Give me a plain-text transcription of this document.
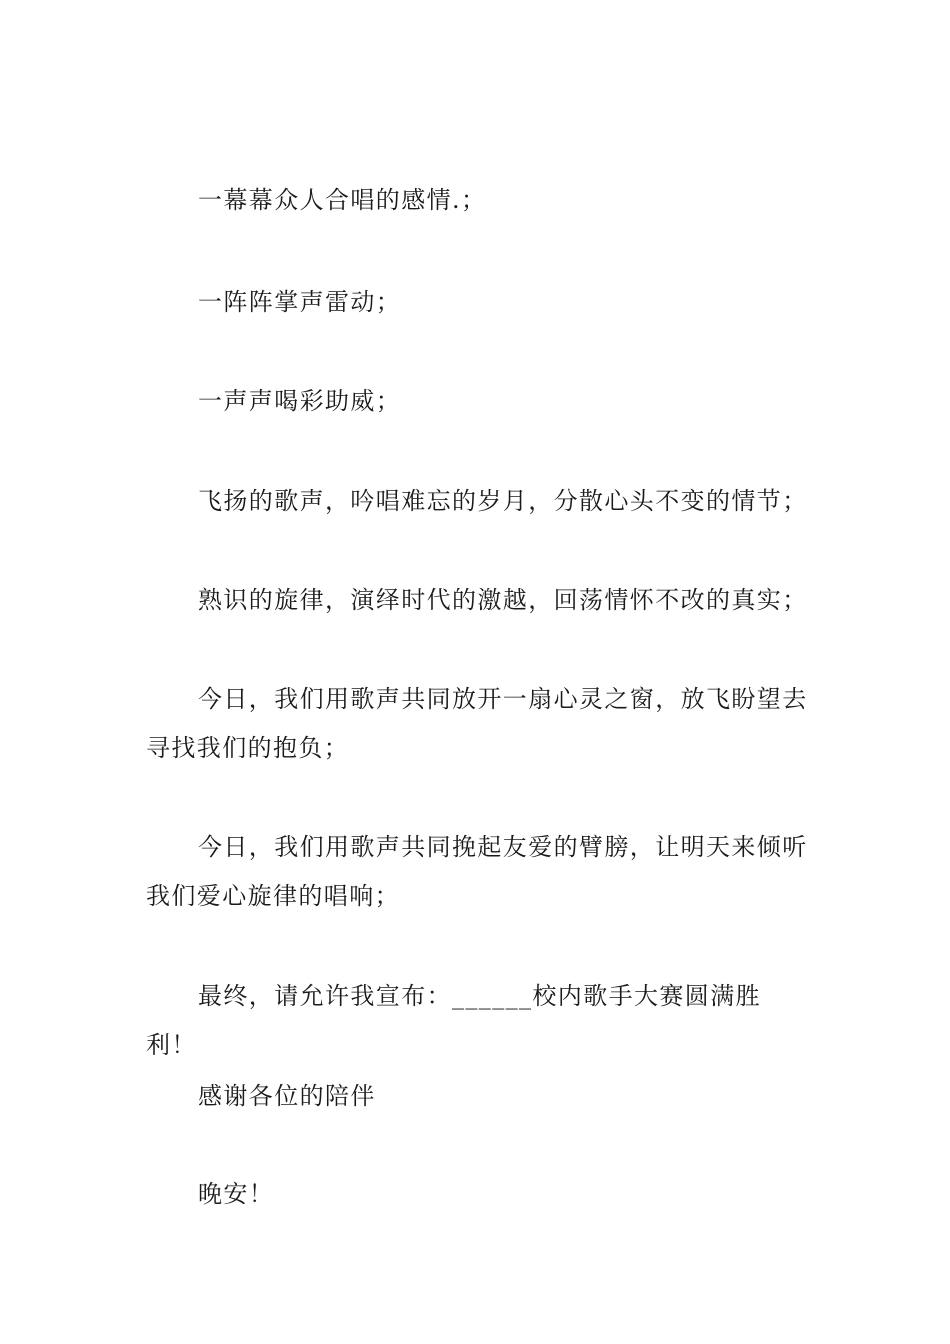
一幕幕众人合唱的感情.；

一阵阵掌声雷动；

一声声喝彩助威；

飞扬的歌声，吟唱难忘的岁月，分散心头不变的情节；

熟识的旋律，演绎时代的激越，回荡情怀不改的真实；

今日，我们用歌声共同放开一扇心灵之窗，放飞盼望去寻找我们的抱负；

今日，我们用歌声共同挽起友爱的臂膀，让明天来倾听我们爱心旋律的唱响；

最终，请允许我宣布：______校内歌手大赛圆满胜利！

感谢各位的陪伴

晚安！
